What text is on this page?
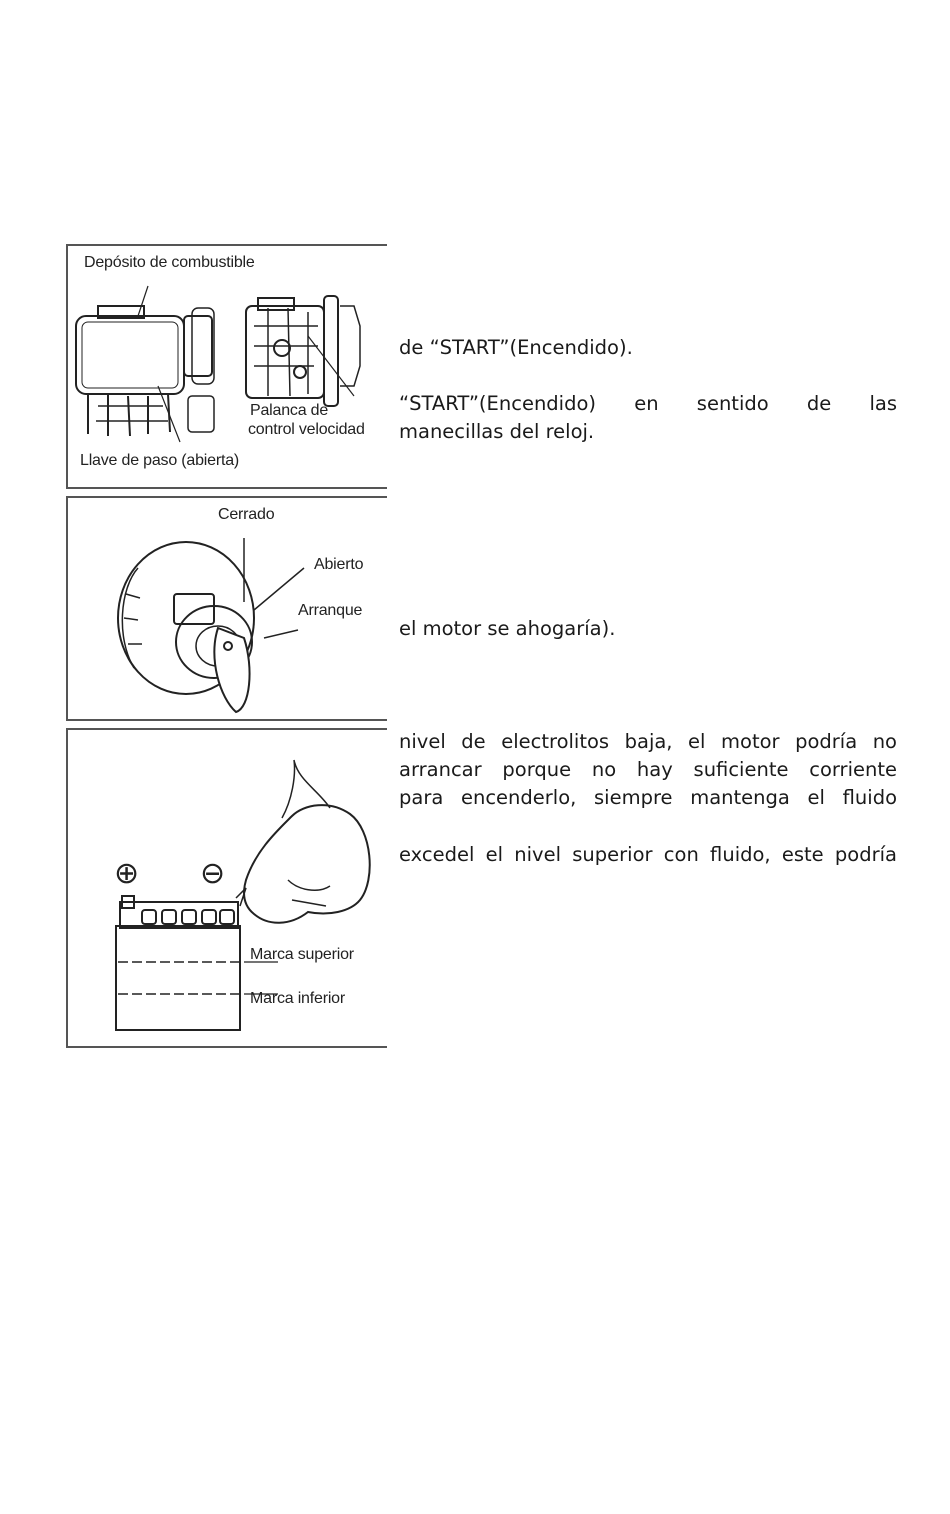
Depósito de combustible
Palanca de
control velocidad
Llave de paso (abierta)
Cerrado
Abierto
Arranque
⊕ ⊖
Marca superior
Marca inferior
de “START”(Encendido).
“START”(Encendido) en sentido de las
manecillas del reloj.
el motor se ahogaría).
nivel de electrolitos baja, el motor podría no
arrancar porque no hay suficiente corriente
para encenderlo, siempre mantenga el fluido
excedel el nivel superior con fluido, este podría
